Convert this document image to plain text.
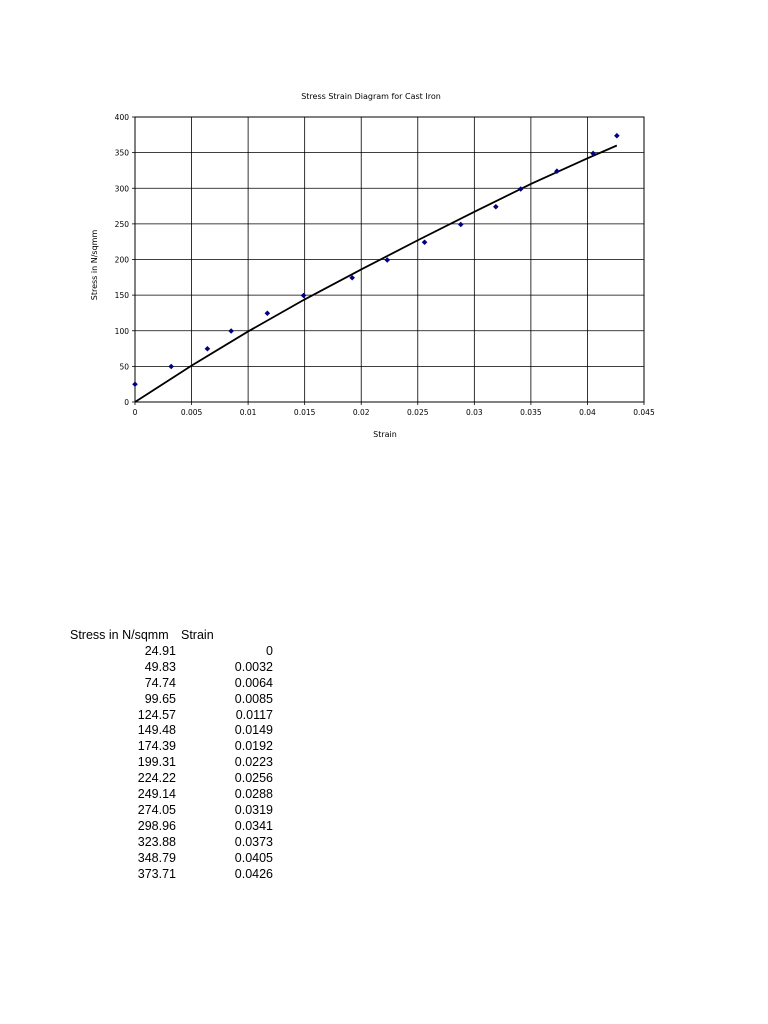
Stress Strain Diagram for Cast Iron
0	0.005	0.01	0.015	0.02	0.025	0.03	0.035	0.04	0.045
0
50
100
150
200
250
300
350
400
Strain
Stress in N/sqmm
Stress in N/sqmm	Strain
24.91	0
49.83	0.0032
74.74	0.0064
99.65	0.0085
124.57	0.0117
149.48	0.0149
174.39	0.0192
199.31	0.0223
224.22	0.0256
249.14	0.0288
274.05	0.0319
298.96	0.0341
323.88	0.0373
348.79	0.0405
373.71	0.0426
